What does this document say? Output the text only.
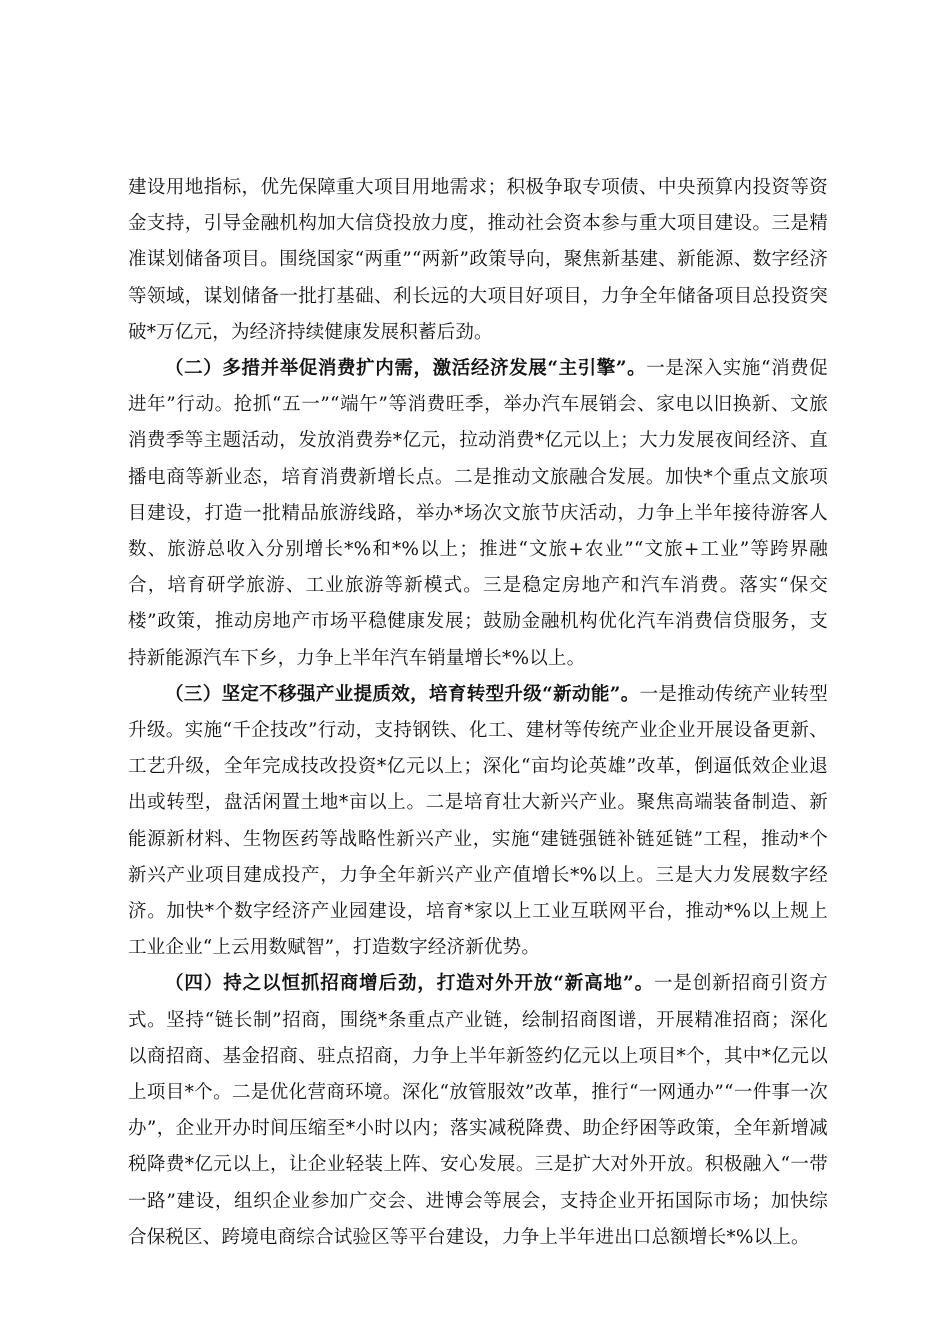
建设用地指标，优先保障重大项目用地需求；积极争取专项债、中央预算内投资等资金支持，引导金融机构加大信贷投放力度，推动社会资本参与重大项目建设。三是精准谋划储备项目。围绕国家“两重”“两新”政策导向，聚焦新基建、新能源、数字经济等领域，谋划储备一批打基础、利长远的大项目好项目，力争全年储备项目总投资突破*万亿元，为经济持续健康发展积蓄后劲。

（二）多措并举促消费扩内需，激活经济发展“主引擎”。一是深入实施“消费促进年”行动。抢抓“五一”“端午”等消费旺季，举办汽车展销会、家电以旧换新、文旅消费季等主题活动，发放消费券*亿元，拉动消费*亿元以上；大力发展夜间经济、直播电商等新业态，培育消费新增长点。二是推动文旅融合发展。加快*个重点文旅项目建设，打造一批精品旅游线路，举办*场次文旅节庆活动，力争上半年接待游客人数、旅游总收入分别增长*%和*%以上；推进“文旅+农业”“文旅+工业”等跨界融合，培育研学旅游、工业旅游等新模式。三是稳定房地产和汽车消费。落实“保交楼”政策，推动房地产市场平稳健康发展；鼓励金融机构优化汽车消费信贷服务，支持新能源汽车下乡，力争上半年汽车销量增长*%以上。

（三）坚定不移强产业提质效，培育转型升级“新动能”。一是推动传统产业转型升级。实施“千企技改”行动，支持钢铁、化工、建材等传统产业企业开展设备更新、工艺升级，全年完成技改投资*亿元以上；深化“亩均论英雄”改革，倒逼低效企业退出或转型，盘活闲置土地*亩以上。二是培育壮大新兴产业。聚焦高端装备制造、新能源新材料、生物医药等战略性新兴产业，实施“建链强链补链延链”工程，推动*个新兴产业项目建成投产，力争全年新兴产业产值增长*%以上。三是大力发展数字经济。加快*个数字经济产业园建设，培育*家以上工业互联网平台，推动*%以上规上工业企业“上云用数赋智”，打造数字经济新优势。

（四）持之以恒抓招商增后劲，打造对外开放“新高地”。一是创新招商引资方式。坚持“链长制”招商，围绕*条重点产业链，绘制招商图谱，开展精准招商；深化以商招商、基金招商、驻点招商，力争上半年新签约亿元以上项目*个，其中*亿元以上项目*个。二是优化营商环境。深化“放管服效”改革，推行“一网通办”“一件事一次办”，企业开办时间压缩至*小时以内；落实减税降费、助企纾困等政策，全年新增减税降费*亿元以上，让企业轻装上阵、安心发展。三是扩大对外开放。积极融入“一带一路”建设，组织企业参加广交会、进博会等展会，支持企业开拓国际市场；加快综合保税区、跨境电商综合试验区等平台建设，力争上半年进出口总额增长*%以上。
